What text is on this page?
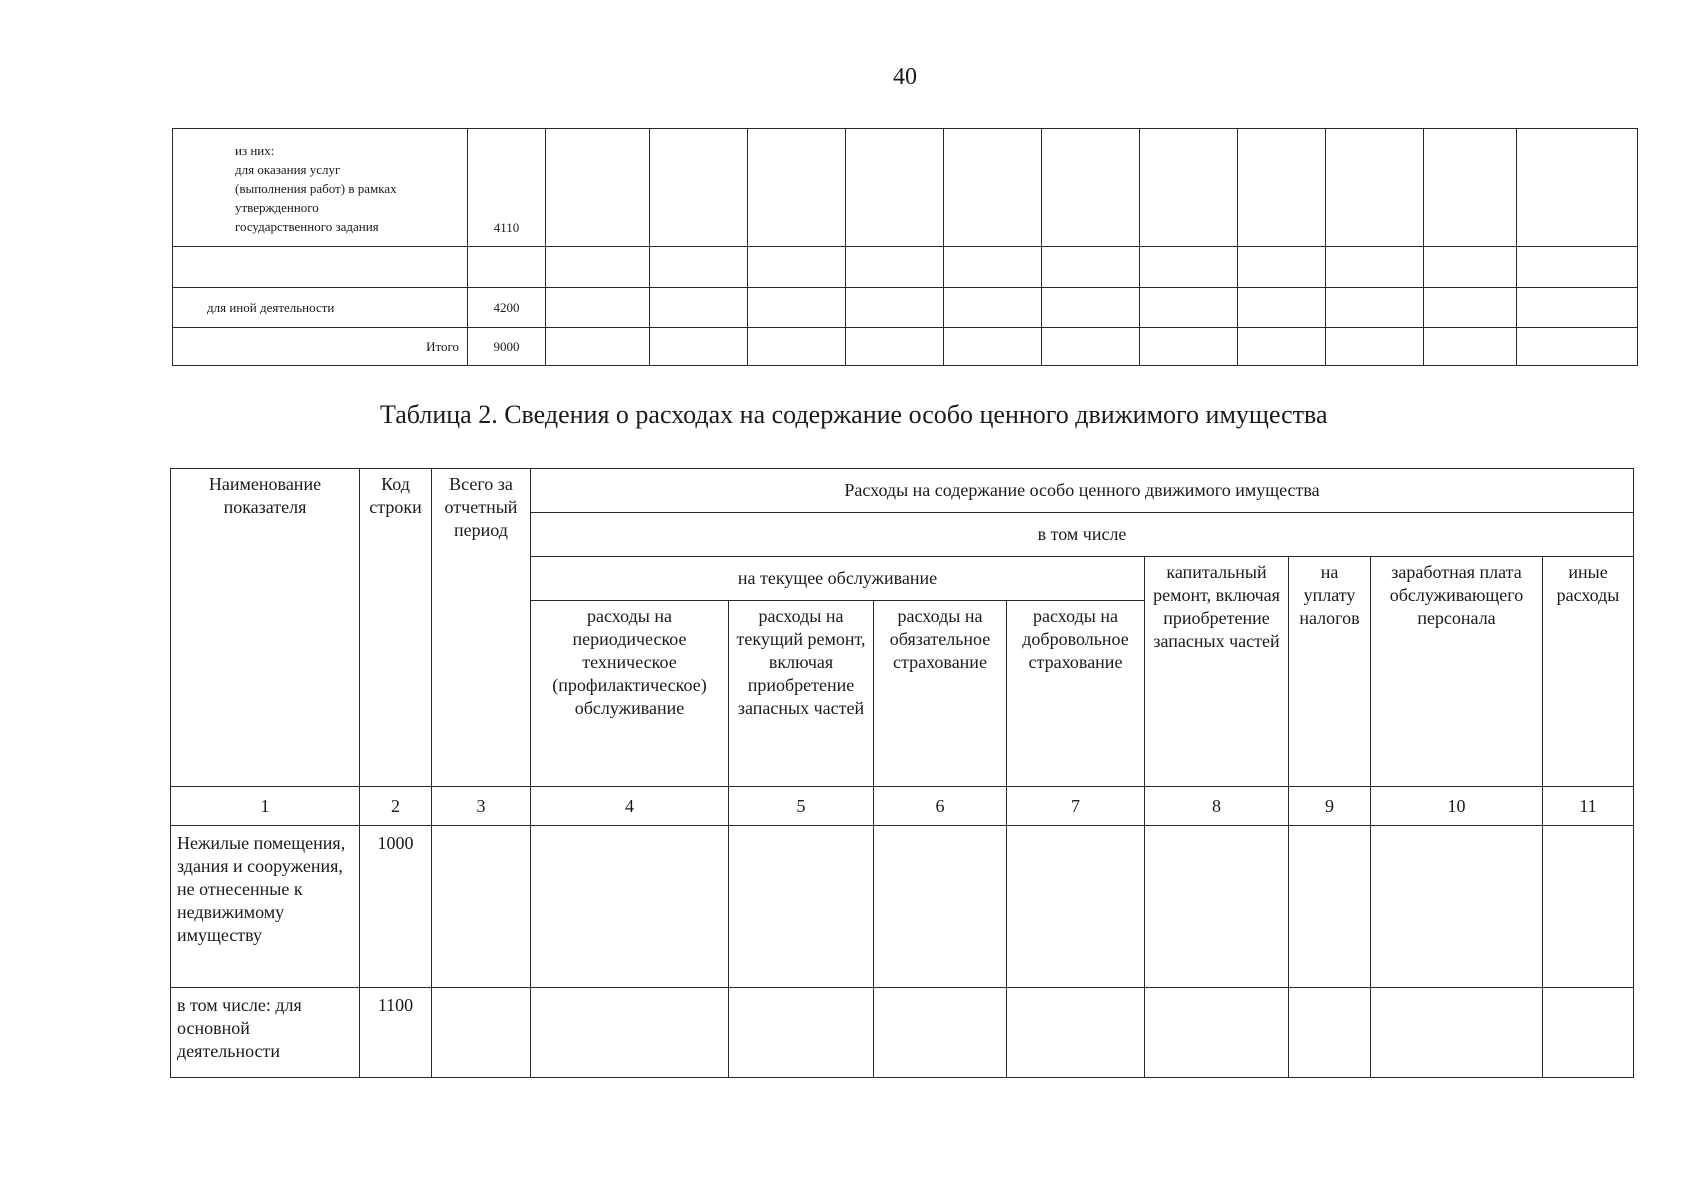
40
из них:
для оказания услуг
(выполнения работ) в рамках
утвержденного
государственного задания	4110											

для иной деятельности	4200											
Итого	9000											
Таблица 2. Сведения о расходах на содержание особо ценного движимого имущества
Наименование показателя	Код строки	Всего за отчетный период	Расходы на содержание особо ценного движимого имущества							
			в том числе							
			на текущее обслуживание				капитальный ремонт, включая приобретение запасных частей	на уплату налогов	заработная плата обслуживающего персонала	иные расходы
			расходы на периодическое техническое (профилактическое) обслуживание	расходы на текущий ремонт, включая приобретение запасных частей	расходы на обязательное страхование	расходы на добровольное страхование				
1	2	3	4	5	6	7	8	9	10	11
Нежилые помещения, здания и сооружения, не отнесенные к недвижимому имуществу	1000									
в том числе: для основной деятельности	1100									
